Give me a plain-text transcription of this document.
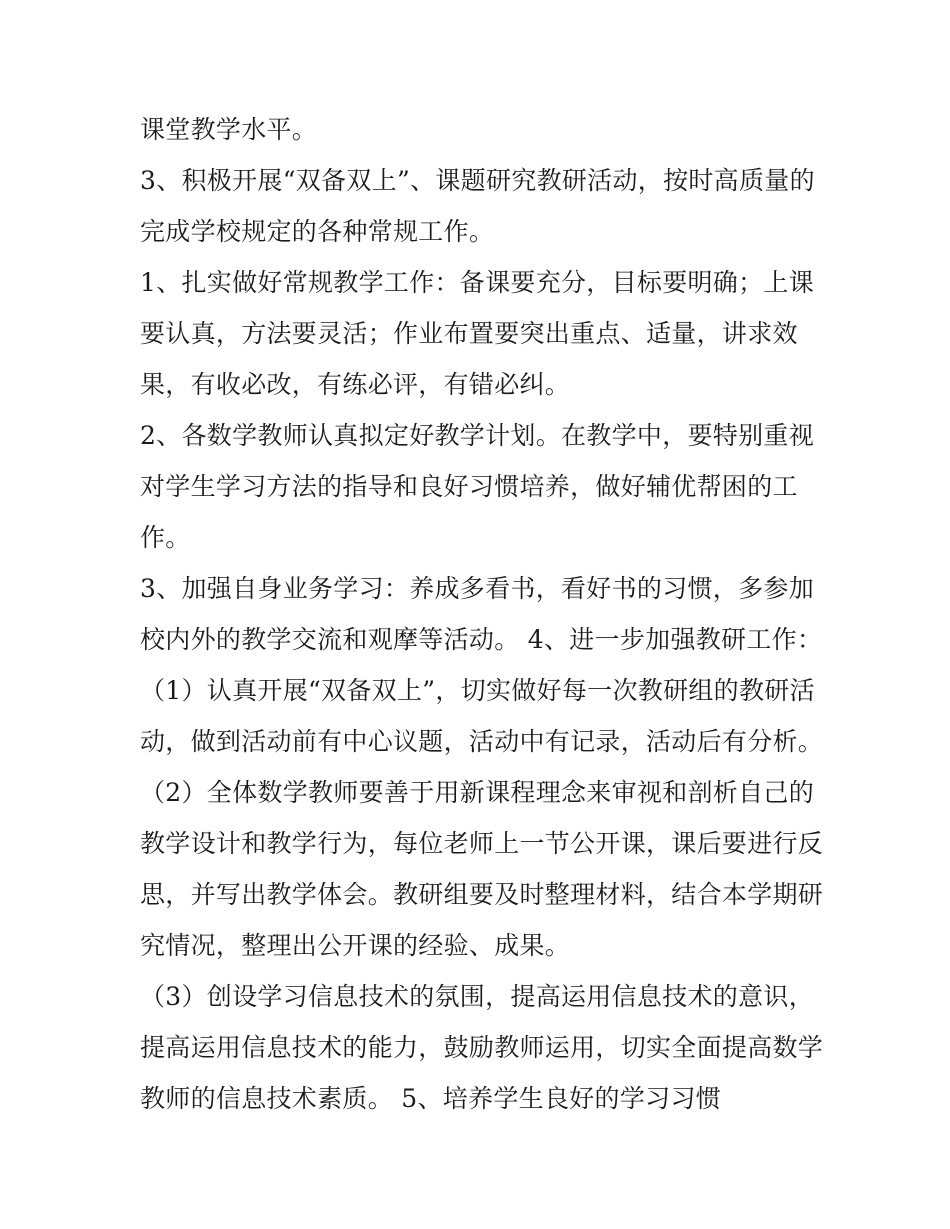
课堂教学水平。
3、积极开展“双备双上”、课题研究教研活动，按时高质量的
完成学校规定的各种常规工作。
1、扎实做好常规教学工作：备课要充分，目标要明确；上课
要认真，方法要灵活；作业布置要突出重点、适量，讲求效
果，有收必改，有练必评，有错必纠。
2、各数学教师认真拟定好教学计划。在教学中，要特别重视
对学生学习方法的指导和良好习惯培养，做好辅优帮困的工
作。
3、加强自身业务学习：养成多看书，看好书的习惯，多参加
校内外的教学交流和观摩等活动。 4、进一步加强教研工作：
（1）认真开展“双备双上”，切实做好每一次教研组的教研活
动，做到活动前有中心议题，活动中有记录，活动后有分析。
（2）全体数学教师要善于用新课程理念来审视和剖析自己的
教学设计和教学行为，每位老师上一节公开课，课后要进行反
思，并写出教学体会。教研组要及时整理材料，结合本学期研
究情况，整理出公开课的经验、成果。
（3）创设学习信息技术的氛围，提高运用信息技术的意识，
提高运用信息技术的能力，鼓励教师运用，切实全面提高数学
教师的信息技术素质。 5、培养学生良好的学习习惯
